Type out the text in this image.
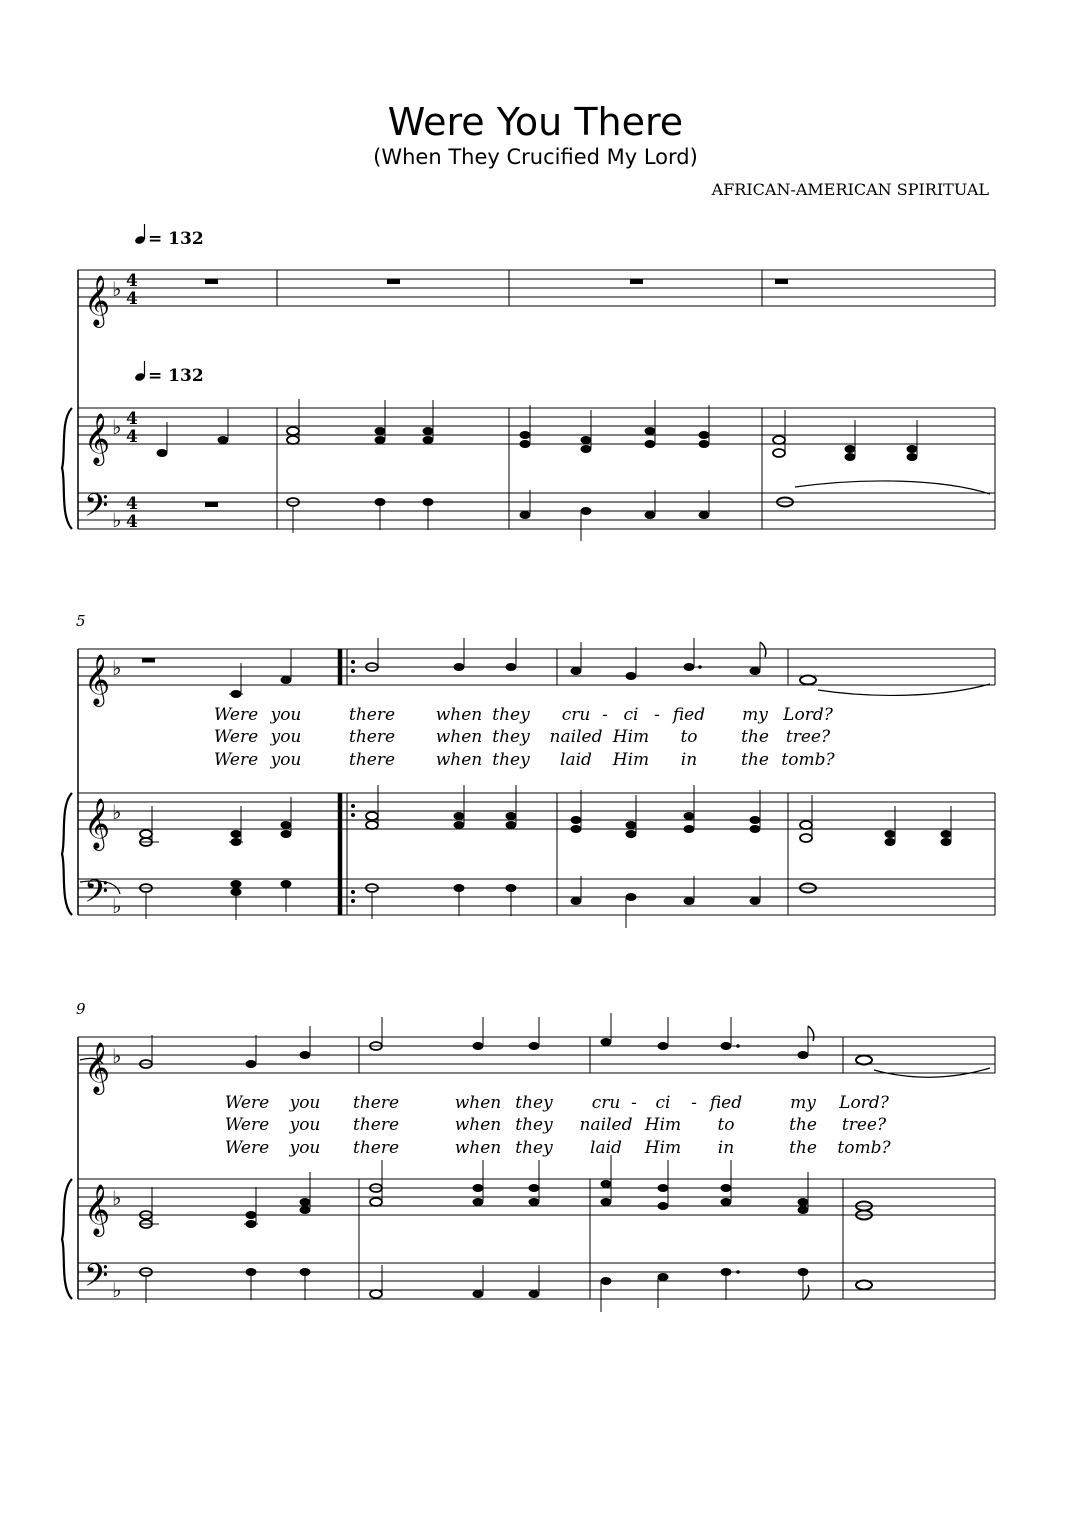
Were You There
(When They Crucified My Lord)
AFRICAN-AMERICAN SPIRITUAL
= 132
= 132
𝄞
𝄞
𝄢
♭
♭
♭
4
4
4
4
4
4
5
𝄞
𝄞
𝄢
♭
♭
♭
9
𝄞
𝄞
𝄢
♭
♭
♭
Were you	there when they cru - ci - fied my Lord?
Were you	there when they nailed Him to	the tree?
Were you	there when they laid Him in	the tomb?
Were you there	when they cru - ci - fied	my Lord?
Were you there	when they nailed Him to	the tree?
Were you there	when they laid Him in	the tomb?
